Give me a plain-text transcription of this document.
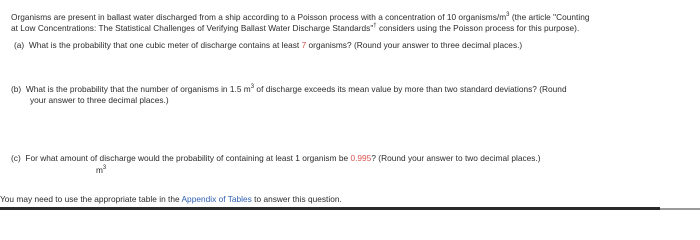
Organisms are present in ballast water discharged from a ship according to a Poisson process with a concentration of 10 organisms/$m^3$ (the article "Counting
at Low Concentrations: The Statistical Challenges of Verifying Ballast Water Discharge Standards"† considers using the Poisson process for this purpose).
(a) What is the probability that one cubic meter of discharge contains at least 7 organisms? (Round your answer to three decimal places.)
(b) What is the probability that the number of organisms in 1.5 $m^3$ of discharge exceeds its mean value by more than two standard deviations? (Round
your answer to three decimal places.)
(c) For what amount of discharge would the probability of containing at least 1 organism be 0.995? (Round your answer to two decimal places.)
$m^3$
You may need to use the appropriate table in the Appendix of Tables to answer this question.
